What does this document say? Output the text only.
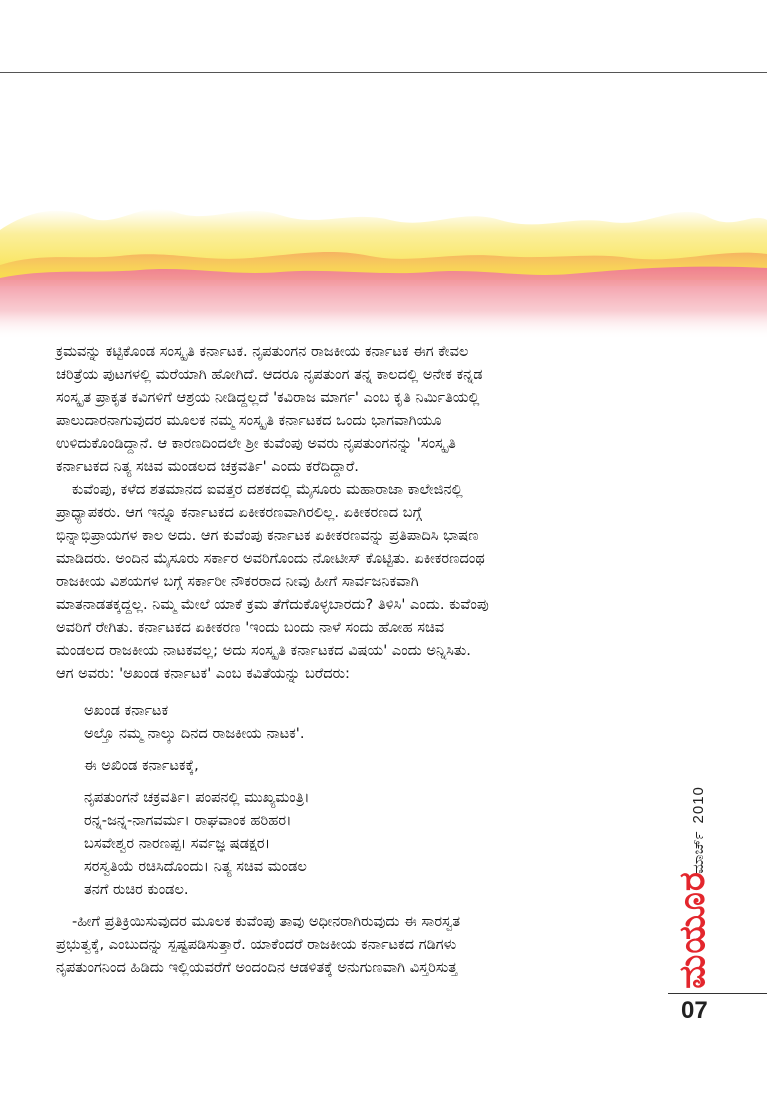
ಕ್ರಮವನ್ನು ಕಟ್ಟಿಕೊಂಡ ಸಂಸ್ಕೃತಿ ಕರ್ನಾಟಕ. ನೃಪತುಂಗನ ರಾಜಕೀಯ ಕರ್ನಾಟಕ ಈಗ ಕೇವಲ

ಚರಿತ್ರೆಯ ಪುಟಗಳಲ್ಲಿ ಮರೆಯಾಗಿ ಹೋಗಿದೆ. ಆದರೂ ನೃಪತುಂಗ ತನ್ನ ಕಾಲದಲ್ಲಿ ಅನೇಕ ಕನ್ನಡ

ಸಂಸ್ಕೃತ ಪ್ರಾಕೃತ ಕವಿಗಳಿಗೆ ಆಶ್ರಯ ನೀಡಿದ್ದಲ್ಲದೆ 'ಕವಿರಾಜ ಮಾರ್ಗ' ಎಂಬ ಕೃತಿ ನಿರ್ಮಿತಿಯಲ್ಲಿ

ಪಾಲುದಾರನಾಗುವುದರ ಮೂಲಕ ನಮ್ಮ ಸಂಸ್ಕೃತಿ ಕರ್ನಾಟಕದ ಒಂದು ಭಾಗವಾಗಿಯೂ

ಉಳಿದುಕೊಂಡಿದ್ದಾನೆ. ಆ ಕಾರಣದಿಂದಲೇ ಶ್ರೀ ಕುವೆಂಪು ಅವರು ನೃಪತುಂಗನನ್ನು 'ಸಂಸ್ಕೃತಿ

ಕರ್ನಾಟಕದ ನಿತ್ಯ ಸಚಿವ ಮಂಡಲದ ಚಕ್ರವರ್ತಿ' ಎಂದು ಕರೆದಿದ್ದಾರೆ.

ಕುವೆಂಪು, ಕಳೆದ ಶತಮಾನದ ಐವತ್ತರ ದಶಕದಲ್ಲಿ ಮೈಸೂರು ಮಹಾರಾಜಾ ಕಾಲೇಜಿನಲ್ಲಿ

ಪ್ರಾಧ್ಯಾಪಕರು. ಆಗ ಇನ್ನೂ ಕರ್ನಾಟಕದ ಏಕೀಕರಣವಾಗಿರಲಿಲ್ಲ. ಏಕೀಕರಣದ ಬಗ್ಗೆ

ಭಿನ್ನಾಭಿಪ್ರಾಯಗಳ ಕಾಲ ಅದು. ಆಗ ಕುವೆಂಪು ಕರ್ನಾಟಕ ಏಕೀಕರಣವನ್ನು ಪ್ರತಿಪಾದಿಸಿ ಭಾಷಣ

ಮಾಡಿದರು. ಅಂದಿನ ಮೈಸೂರು ಸರ್ಕಾರ ಅವರಿಗೊಂದು ನೋಟೀಸ್ ಕೊಟ್ಟಿತು. ಏಕೀಕರಣದಂಥ

ರಾಜಕೀಯ ವಿಶಯಗಳ ಬಗ್ಗೆ ಸರ್ಕಾರೀ ನೌಕರರಾದ ನೀವು ಹೀಗೆ ಸಾರ್ವಜನಿಕವಾಗಿ

ಮಾತನಾಡತಕ್ಕದ್ದಲ್ಲ. ನಿಮ್ಮ ಮೇಲೆ ಯಾಕೆ ಕ್ರಮ ತೆಗೆದುಕೊಳ್ಳಬಾರದು? ತಿಳಿಸಿ' ಎಂದು. ಕುವೆಂಪು

ಅವರಿಗೆ ರೇಗಿತು. ಕರ್ನಾಟಕದ ಏಕೀಕರಣ 'ಇಂದು ಬಂದು ನಾಳೆ ಸಂದು ಹೋಹ ಸಚಿವ

ಮಂಡಲದ ರಾಜಕೀಯ ನಾಟಕವಲ್ಲ; ಅದು ಸಂಸ್ಕೃತಿ ಕರ್ನಾಟಕದ ವಿಷಯ' ಎಂದು ಅನ್ನಿಸಿತು.

ಆಗ ಅವರು: 'ಅಖಂಡ ಕರ್ನಾಟಕ' ಎಂಬ ಕವಿತೆಯನ್ನು ಬರೆದರು:

ಅಖಂಡ ಕರ್ನಾಟಕ
ಅಲ್ತೊ ನಮ್ಮ ನಾಲ್ಕು ದಿನದ ರಾಜಕೀಯ ನಾಟಕ'.
ಈ ಅಖಿಂಡ ಕರ್ನಾಟಕಕ್ಕೆ,
ನೃಪತುಂಗನೆ ಚಕ್ರವರ್ತಿ। ಪಂಪನಲ್ಲಿ ಮುಖ್ಯಮಂತ್ರಿ।
ರನ್ನ-ಜನ್ನ-ನಾಗವರ್ಮ। ರಾಘವಾಂಕ ಹರಿಹರ।
ಬಸವೇಶ್ವರ ನಾರಣಪ್ಪ। ಸರ್ವಜ್ಞ ಷಡಕ್ಷರ।
ಸರಸ್ವತಿಯೆ ರಚಿಸಿದೊಂದು। ನಿತ್ಯ ಸಚಿವ ಮಂಡಲ
ತನಗೆ ರುಚಿರ ಕುಂಡಲ.

-ಹೀಗೆ ಪ್ರತಿಕ್ರಿಯಿಸುವುದರ ಮೂಲಕ ಕುವೆಂಪು ತಾವು ಅಧೀನರಾಗಿರುವುದು ಈ ಸಾರಸ್ವತ

ಪ್ರಭುತ್ವಕ್ಕೆ, ಎಂಬುದನ್ನು ಸ್ಪಷ್ಟಪಡಿಸುತ್ತಾರೆ. ಯಾಕೆಂದರೆ ರಾಜಕೀಯ ಕರ್ನಾಟಕದ ಗಡಿಗಳು

ನೃಪತುಂಗನಿಂದ ಹಿಡಿದು ಇಲ್ಲಿಯವರೆಗೆ ಅಂದಂದಿನ ಆಡಳಿತಕ್ಕೆ ಅನುಗುಣವಾಗಿ ವಿಸ್ತರಿಸುತ್ತ

ಮಾರ್ಚ್2010
ಮಯೂರ
07
